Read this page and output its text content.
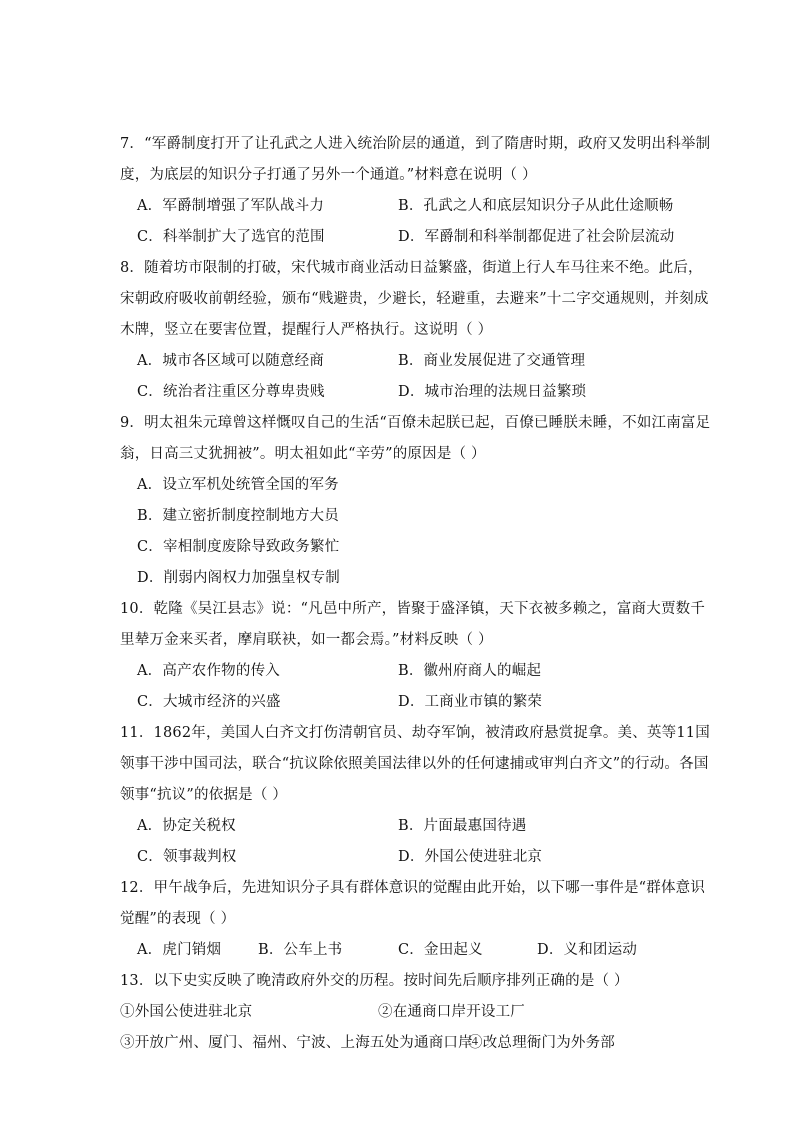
7．“军爵制度打开了让孔武之人进入统治阶层的通道，到了隋唐时期，政府又发明出科举制
度，为底层的知识分子打通了另外一个通道。”材料意在说明（ ）
A．军爵制增强了军队战斗力	B．孔武之人和底层知识分子从此仕途顺畅
C．科举制扩大了选官的范围	D．军爵制和科举制都促进了社会阶层流动
8．随着坊市限制的打破，宋代城市商业活动日益繁盛，街道上行人车马往来不绝。此后，
宋朝政府吸收前朝经验，颁布“贱避贵，少避长，轻避重，去避来”十二字交通规则，并刻成
木牌，竖立在要害位置，提醒行人严格执行。这说明（ ）
A．城市各区域可以随意经商	B．商业发展促进了交通管理
C．统治者注重区分尊卑贵贱	D．城市治理的法规日益繁琐
9．明太祖朱元璋曾这样慨叹自己的生活“百僚未起朕已起，百僚已睡朕未睡，不如江南富足
翁，日高三丈犹拥被”。明太祖如此“辛劳”的原因是（ ）
A．设立军机处统管全国的军务
B．建立密折制度控制地方大员
C．宰相制度废除导致政务繁忙
D．削弱内阁权力加强皇权专制
10．乾隆《吴江县志》说：“凡邑中所产，皆聚于盛泽镇，天下衣被多赖之，富商大贾数千
里辇万金来买者，摩肩联袂，如一都会焉。”材料反映（ ）
A．高产农作物的传入	B．徽州府商人的崛起
C．大城市经济的兴盛	D．工商业市镇的繁荣
11．1862年，美国人白齐文打伤清朝官员、劫夺军饷，被清政府悬赏捉拿。美、英等11国
领事干涉中国司法，联合“抗议除依照美国法律以外的任何逮捕或审判白齐文”的行动。各国
领事“抗议”的依据是（ ）
A．协定关税权	B．片面最惠国待遇
C．领事裁判权	D．外国公使进驻北京
12．甲午战争后，先进知识分子具有群体意识的觉醒由此开始，以下哪一事件是“群体意识
觉醒”的表现（ ）
A．虎门销烟	B．公车上书	C．金田起义	D．义和团运动
13．以下史实反映了晚清政府外交的历程。按时间先后顺序排列正确的是（ ）
①外国公使进驻北京	②在通商口岸开设工厂
③开放广州、厦门、福州、宁波、上海五处为通商口岸
④改总理衙门为外务部
